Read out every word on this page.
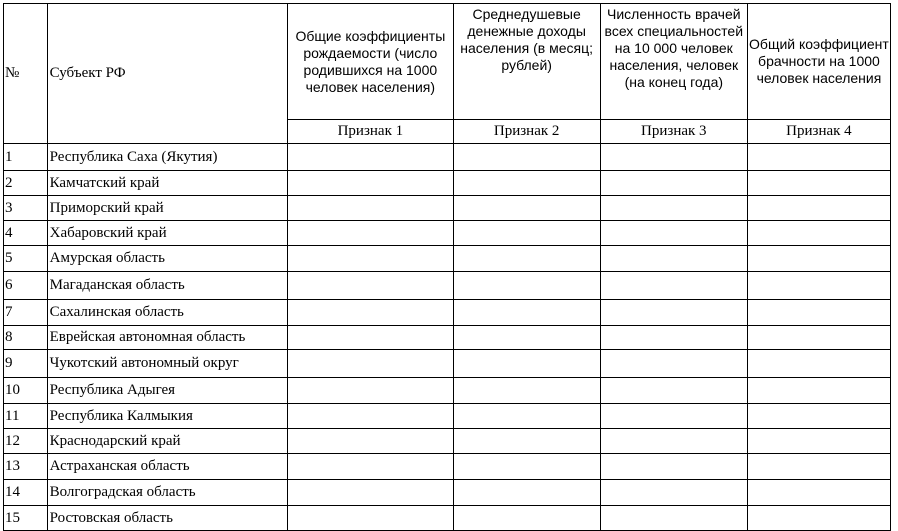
№	Субъект РФ	Общие коэффициенты рождаемости (число родившихся на 1000 человек населения)	Среднедушевые денежные доходы населения (в месяц; рублей)	Численность врачей всех специальностей на 10 000 человек населения, человек (на конец года)	Общий коэффициент брачности на 1000 человек населения
		Признак 1	Признак 2	Признак 3	Признак 4
1	Республика Саха (Якутия)				
2	Камчатский край				
3	Приморский край				
4	Хабаровский край				
5	Амурская область				
6	Магаданская область				
7	Сахалинская область				
8	Еврейская автономная область				
9	Чукотский автономный округ				
10	Республика Адыгея				
11	Республика Калмыкия				
12	Краснодарский край				
13	Астраханская область				
14	Волгоградская область				
15	Ростовская область				
